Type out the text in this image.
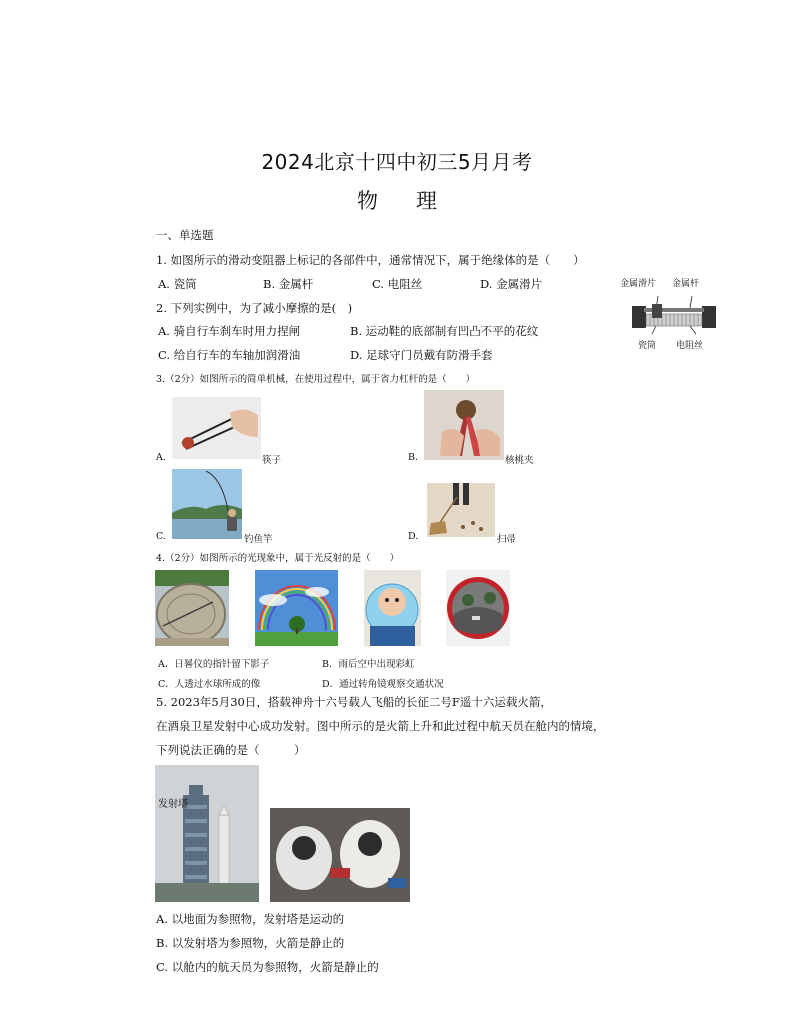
2024北京十四中初三5月月考
物 理
一、单选题
1. 如图所示的滑动变阻器上标记的各部件中，通常情况下，属于绝缘体的是（　　）
A. 瓷筒	B. 金属杆	C. 电阻丝	D. 金属滑片	金属滑片 金属杆
瓷筒 电阻丝
2. 下列实例中，为了减小摩擦的是(　)
A. 骑自行车刹车时用力捏闸	B. 运动鞋的底部制有凹凸不平的花纹
C. 给自行车的车轴加润滑油	D. 足球守门员戴有防滑手套
3.（2分）如图所示的简单机械，在使用过程中，属于省力杠杆的是（　　）
A.	筷子	B.	核桃夹
C.	钓鱼竿	D.	扫帚
4.（2分）如图所示的光现象中，属于光反射的是（　　）
A．日晷仪的指针留下影子	B．雨后空中出现彩虹
C．人透过水球所成的像	D．通过转角镜观察交通状况
5. 2023年5月30日，搭载神舟十六号载人飞船的长征二号F遥十六运载火箭，
在酒泉卫星发射中心成功发射。图中所示的是火箭上升和此过程中航天员在舱内的情境，
下列说法正确的是（　　　）
发射塔
A. 以地面为参照物，发射塔是运动的
B. 以发射塔为参照物，火箭是静止的
C. 以舱内的航天员为参照物，火箭是静止的
